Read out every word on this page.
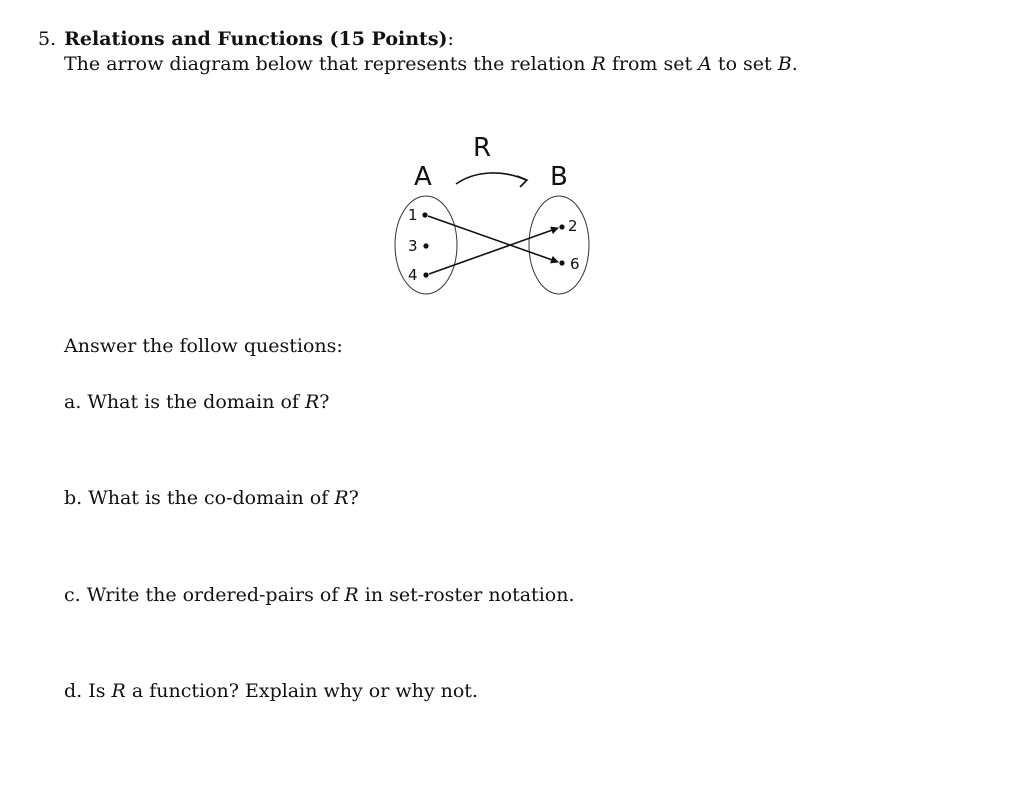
5. Relations and Functions (15 Points):
The arrow diagram below that represents the relation R from set A to set B.
R
A	B
1
3
4
2
6
Answer the follow questions:
a. What is the domain of R?
b. What is the co-domain of R?
c. Write the ordered-pairs of R in set-roster notation.
d. Is R a function? Explain why or why not.
